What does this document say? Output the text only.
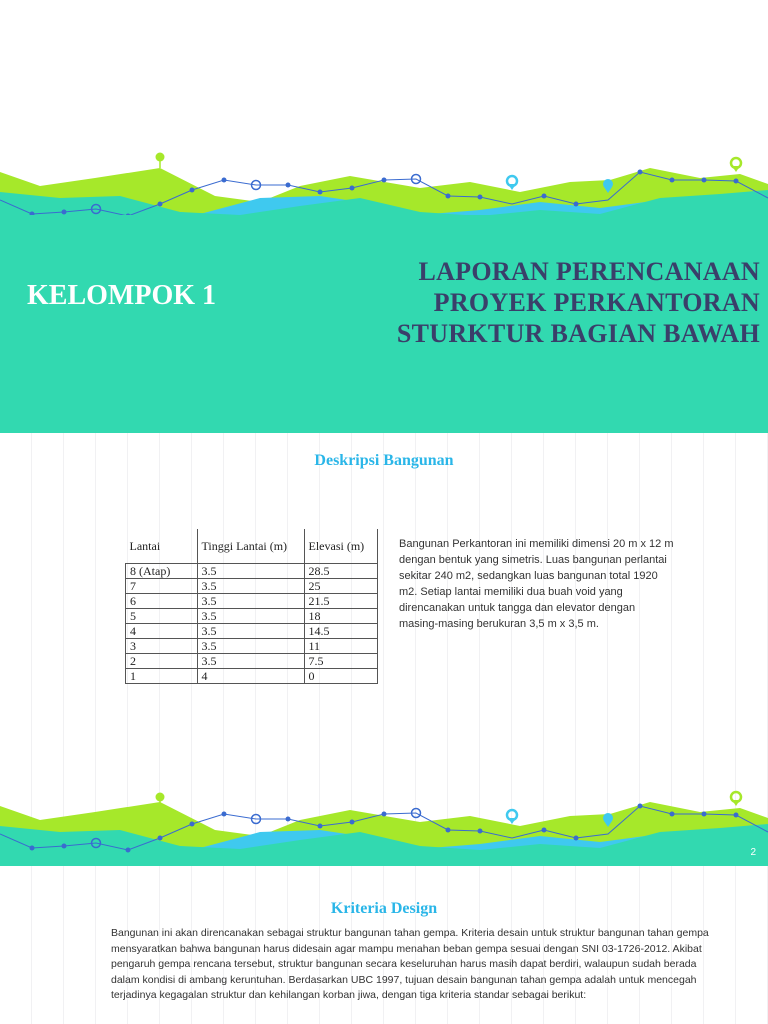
KELOMPOK 1
LAPORAN PERENCANAAN
PROYEK PERKANTORAN
STURKTUR BAGIAN BAWAH
Deskripsi Bangunan
Lantai	Tinggi Lantai (m)	Elevasi (m)
8 (Atap)	3.5	28.5
7	3.5	25
6	3.5	21.5
5	3.5	18
4	3.5	14.5
3	3.5	11
2	3.5	7.5
1	4	0
Bangunan Perkantoran ini memiliki dimensi 20 m x 12 m dengan bentuk yang simetris. Luas bangunan perlantai sekitar 240 m2, sedangkan luas bangunan total 1920 m2. Setiap lantai memiliki dua buah void yang direncanakan untuk tangga dan elevator dengan masing-masing berukuran 3,5 m x 3,5 m.
2
Kriteria Design
Bangunan ini akan direncanakan sebagai struktur bangunan tahan gempa. Kriteria desain untuk struktur bangunan tahan gempa mensyaratkan bahwa bangunan harus didesain agar mampu menahan beban gempa sesuai dengan SNI 03-1726-2012. Akibat pengaruh gempa rencana tersebut, struktur bangunan secara keseluruhan harus masih dapat berdiri, walaupun sudah berada dalam kondisi di ambang keruntuhan. Berdasarkan UBC 1997, tujuan desain bangunan tahan gempa adalah untuk mencegah terjadinya kegagalan struktur dan kehilangan korban jiwa, dengan tiga kriteria standar sebagai berikut:
